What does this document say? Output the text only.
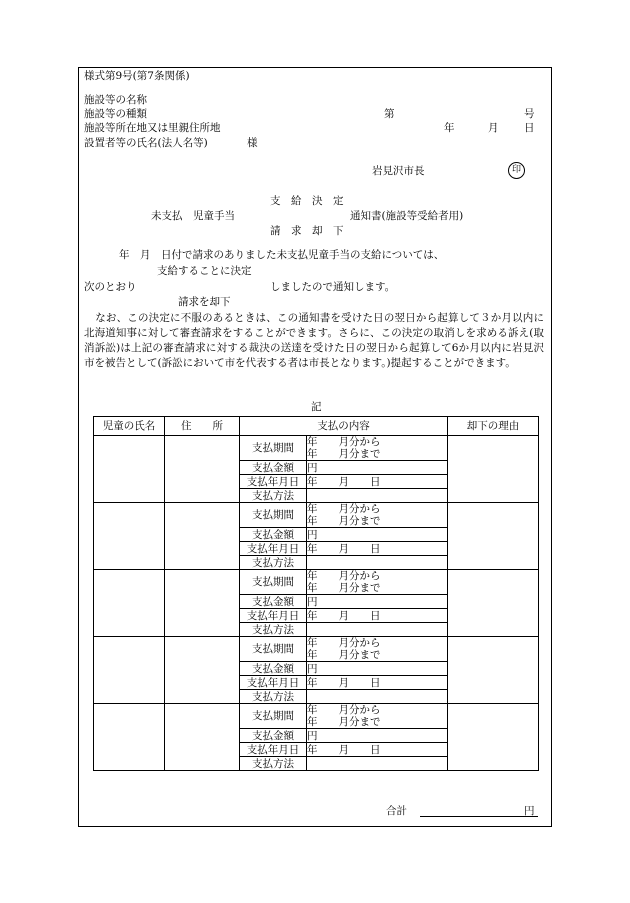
様式第9号(第7条関係)
施設等の名称
施設等の種類
施設等所在地又は里親住所地
設置者等の氏名(法人名等)	様
第	号
年	月 日
岩見沢市長	印
支　給　決　定
未支払　児童手当	通知書(施設等受給者用)
請　求　却　下
年　月　日付で請求のありました未支払児童手当の支給については、
支給することに決定
次のとおり	しましたので通知します。
請求を却下
なお、この決定に不服のあるときは、この通知書を受けた日の翌日から起算して３か月以内に北海道知事に対して審査請求をすることができます。さらに、この決定の取消しを求める訴え(取消訴訟)は上記の審査請求に対する裁決の送達を受けた日の翌日から起算して6か月以内に岩見沢市を被告として(訴訟において市を代表する者は市長となります。)提起することができます。
記
児童の氏名	住　　所	支払の内容		却下の理由
		支払期間	年　　月分から
年　　月分まで	

		支払金額	円	

		支払年月日	年　　月　　日	

		支払方法		
		支払期間	年　　月分から
年　　月分まで	

		支払金額	円	

		支払年月日	年　　月　　日	

		支払方法		
		支払期間	年　　月分から
年　　月分まで	

		支払金額	円	

		支払年月日	年　　月　　日	

		支払方法		
		支払期間	年　　月分から
年　　月分まで	

		支払金額	円	

		支払年月日	年　　月　　日	

		支払方法		
		支払期間	年　　月分から
年　　月分まで	

		支払金額	円	

		支払年月日	年　　月　　日	

		支払方法		
合計	円
